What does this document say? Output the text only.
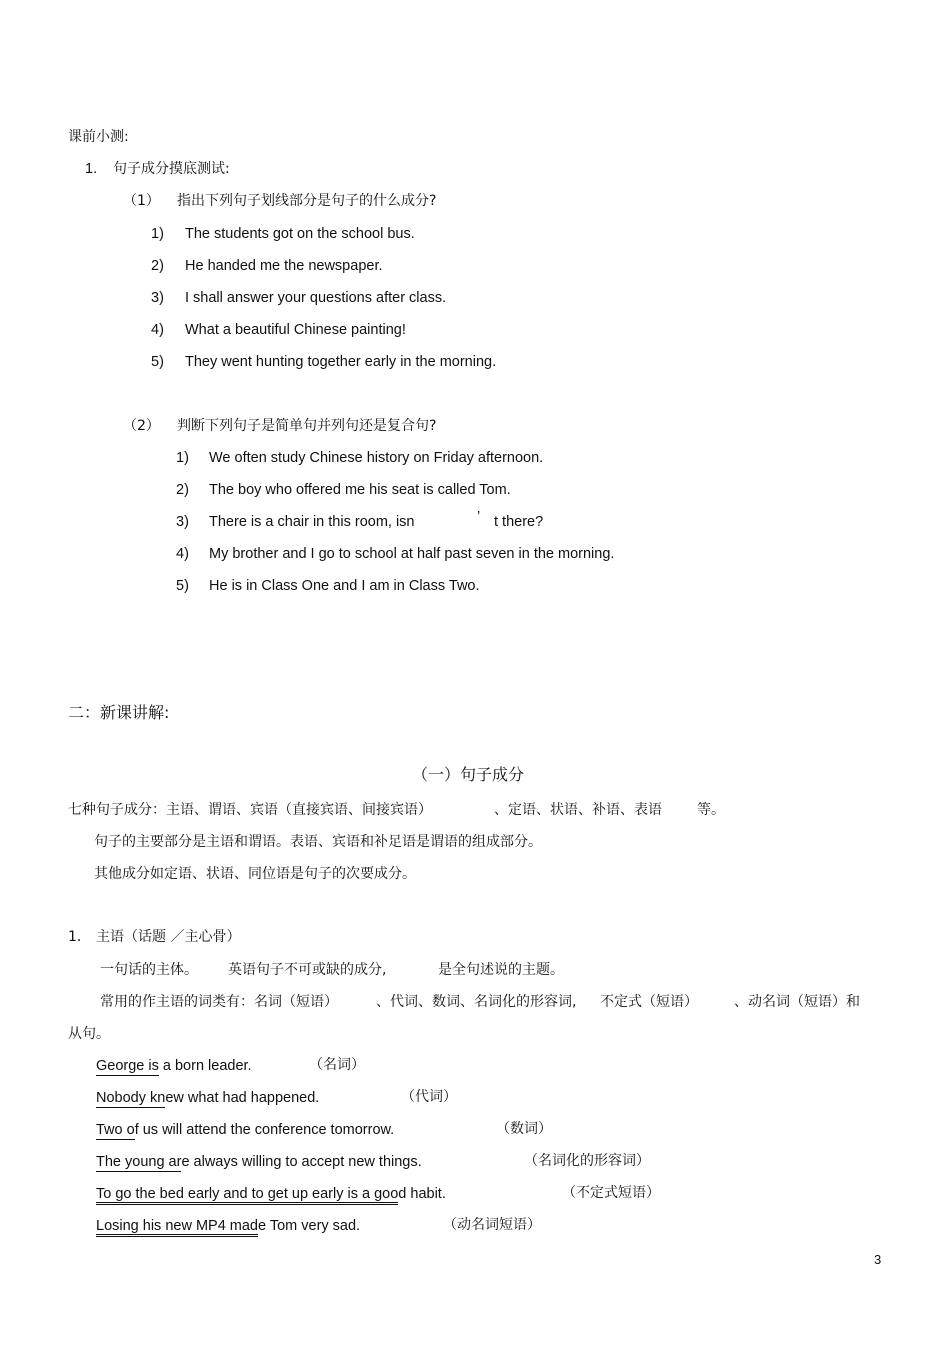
课前小测:
1. 句子成分摸底测试:
（1） 指出下列句子划线部分是句子的什么成分?
1) The students got on the school bus.
2) He handed me the newspaper.
3) I shall answer your questions after class.
4) What a beautiful Chinese painting!
5) They went hunting together early in the morning.
（2） 判断下列句子是简单句并列句还是复合句?
1) We often study Chinese history on Friday afternoon.
2) The boy who offered me his seat is called Tom.
3) There is a chair in this room, isn	’ t there?
4) My brother and I go to school at half past seven in the morning.
5) He is in Class One and I am in Class Two.
二：新课讲解:
（一）句子成分
七种句子成分：主语、谓语、宾语（直接宾语、间接宾语）	、定语、状语、补语、表语	等。
句子的主要部分是主语和谓语。表语、宾语和补足语是谓语的组成部分。
其他成分如定语、状语、同位语是句子的次要成分。
1． 主语（话题 ／主心骨）
一句话的主体。 英语句子不可或缺的成分,	是全句述说的主题。
常用的作主语的词类有：名词（短语）	、代词、数词、名词化的形容词, 不定式（短语）	、动名词（短语）和
从句。
George is a born leader.	（名词）
Nobody knew what had happened.	（代词）
Two of us will attend the conference tomorrow.	（数词）
The young are always willing to accept new things.	（名词化的形容词）
To go the bed early and to get up early is a good habit.	（不定式短语）
Losing his new MP4 made Tom very sad.	（动名词短语）
3
